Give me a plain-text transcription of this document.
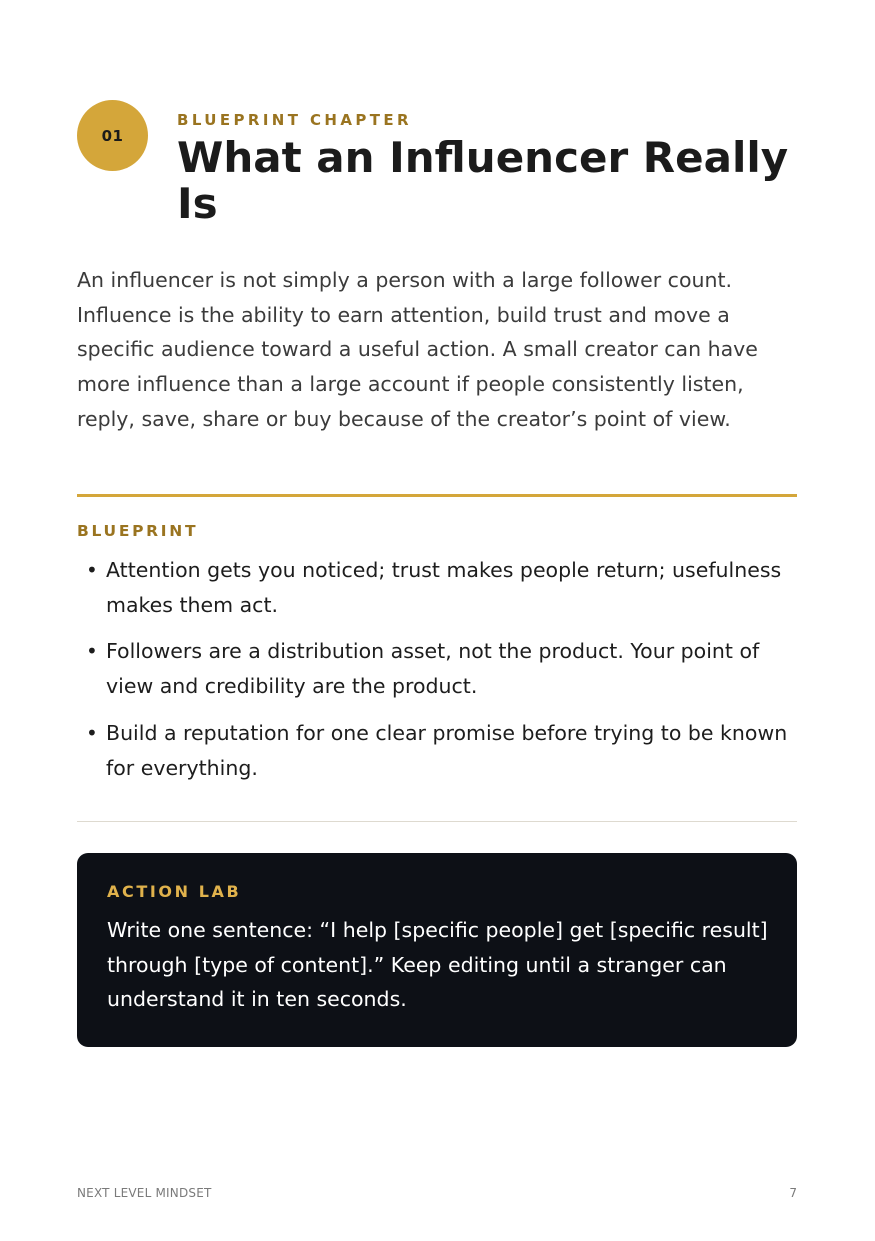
01
BLUEPRINT CHAPTER
What an Influencer Really Is

An influencer is not simply a person with a large follower count. Influence is the ability to earn attention, build trust and move a specific audience toward a useful action. A small creator can have more influence than a large account if people consistently listen, reply, save, share or buy because of the creator’s point of view.

BLUEPRINT
• Attention gets you noticed; trust makes people return; usefulness makes them act.
• Followers are a distribution asset, not the product. Your point of view and credibility are the product.
• Build a reputation for one clear promise before trying to be known for everything.
ACTION LAB

Write one sentence: “I help [specific people] get [specific result] through [type of content].” Keep editing until a stranger can understand it in ten seconds.

NEXT LEVEL MINDSET	7
